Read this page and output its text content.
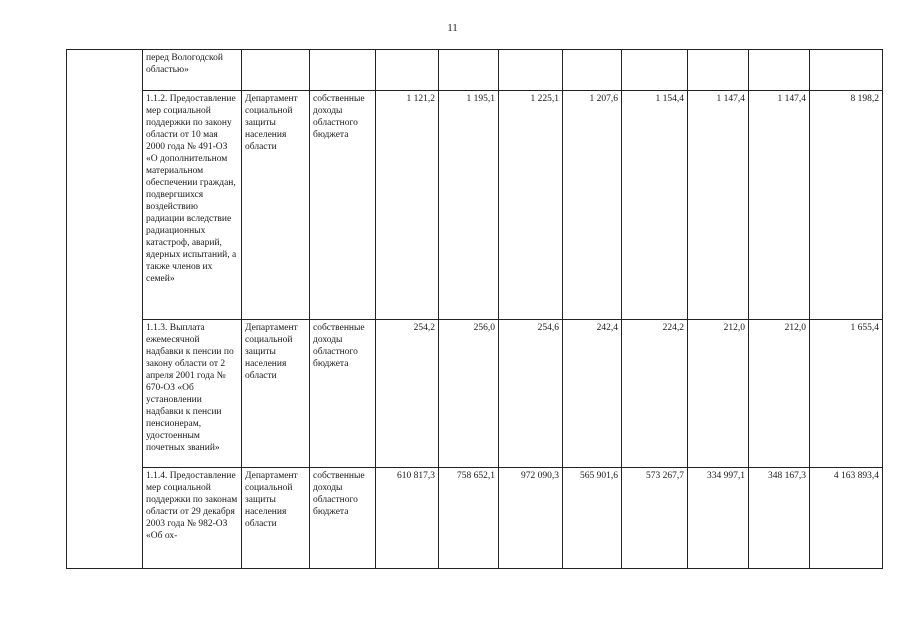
11
	перед Вологодской областью»										
	1.1.2. Предоставление мер социальной поддержки по закону области от 10 мая 2000 года № 491-ОЗ «О дополнительном материальном обеспечении граждан, подвергшихся воздействию радиации вследствие радиационных катастроф, аварий, ядерных испытаний, а также членов их семей»	Департамент социальной защиты населения области	собственные доходы областного бюджета	1 121,2	1 195,1	1 225,1	1 207,6	1 154,4	1 147,4	1 147,4	8 198,2
	1.1.3. Выплата ежемесячной надбавки к пенсии по закону области от 2 апреля 2001 года № 670-ОЗ «Об установлении надбавки к пенсии пенсионерам, удостоенным почетных званий»	Департамент социальной защиты населения области	собственные доходы областного бюджета	254,2	256,0	254,6	242,4	224,2	212,0	212,0	1 655,4
	1.1.4. Предоставление мер социальной поддержки по законам области от 29 декабря 2003 года № 982-ОЗ «Об ох-	Департамент социальной защиты населения области	собственные доходы областного бюджета	610 817,3	758 652,1	972 090,3	565 901,6	573 267,7	334 997,1	348 167,3	4 163 893,4
